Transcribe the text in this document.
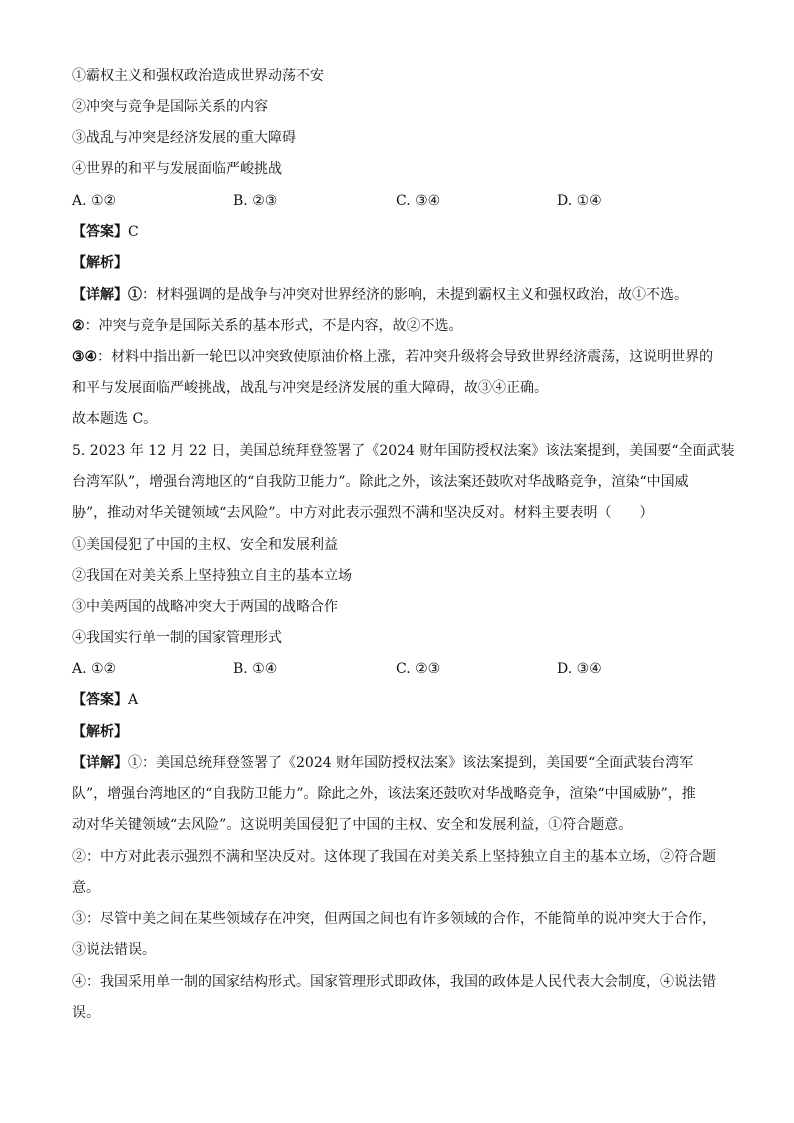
①霸权主义和强权政治造成世界动荡不安
②冲突与竞争是国际关系的内容
③战乱与冲突是经济发展的重大障碍
④世界的和平与发展面临严峻挑战
A. ①②	B. ②③	C. ③④	D. ①④
【答案】C
【解析】
【详解】①：材料强调的是战争与冲突对世界经济的影响，未提到霸权主义和强权政治，故①不选。
②：冲突与竞争是国际关系的基本形式，不是内容，故②不选。
③④：材料中指出新一轮巴以冲突致使原油价格上涨，若冲突升级将会导致世界经济震荡，这说明世界的
和平与发展面临严峻挑战，战乱与冲突是经济发展的重大障碍，故③④正确。
故本题选 C。
5. 2023 年 12 月 22 日，美国总统拜登签署了《2024 财年国防授权法案》该法案提到，美国要“全面武装
台湾军队”，增强台湾地区的“自我防卫能力”。除此之外，该法案还鼓吹对华战略竞争，渲染“中国威
胁”，推动对华关键领域“去风险”。中方对此表示强烈不满和坚决反对。材料主要表明（　　）
①美国侵犯了中国的主权、安全和发展利益
②我国在对美关系上坚持独立自主的基本立场
③中美两国的战略冲突大于两国的战略合作
④我国实行单一制的国家管理形式
A. ①②	B. ①④	C. ②③	D. ③④
【答案】A
【解析】
【详解】①：美国总统拜登签署了《2024 财年国防授权法案》该法案提到，美国要“全面武装台湾军
队”，增强台湾地区的“自我防卫能力”。除此之外，该法案还鼓吹对华战略竞争，渲染“中国威胁”，推
动对华关键领域“去风险”。这说明美国侵犯了中国的主权、安全和发展利益，①符合题意。
②：中方对此表示强烈不满和坚决反对。这体现了我国在对美关系上坚持独立自主的基本立场，②符合题
意。
③：尽管中美之间在某些领域存在冲突，但两国之间也有许多领域的合作，不能简单的说冲突大于合作，
③说法错误。
④：我国采用单一制的国家结构形式。国家管理形式即政体，我国的政体是人民代表大会制度，④说法错
误。
